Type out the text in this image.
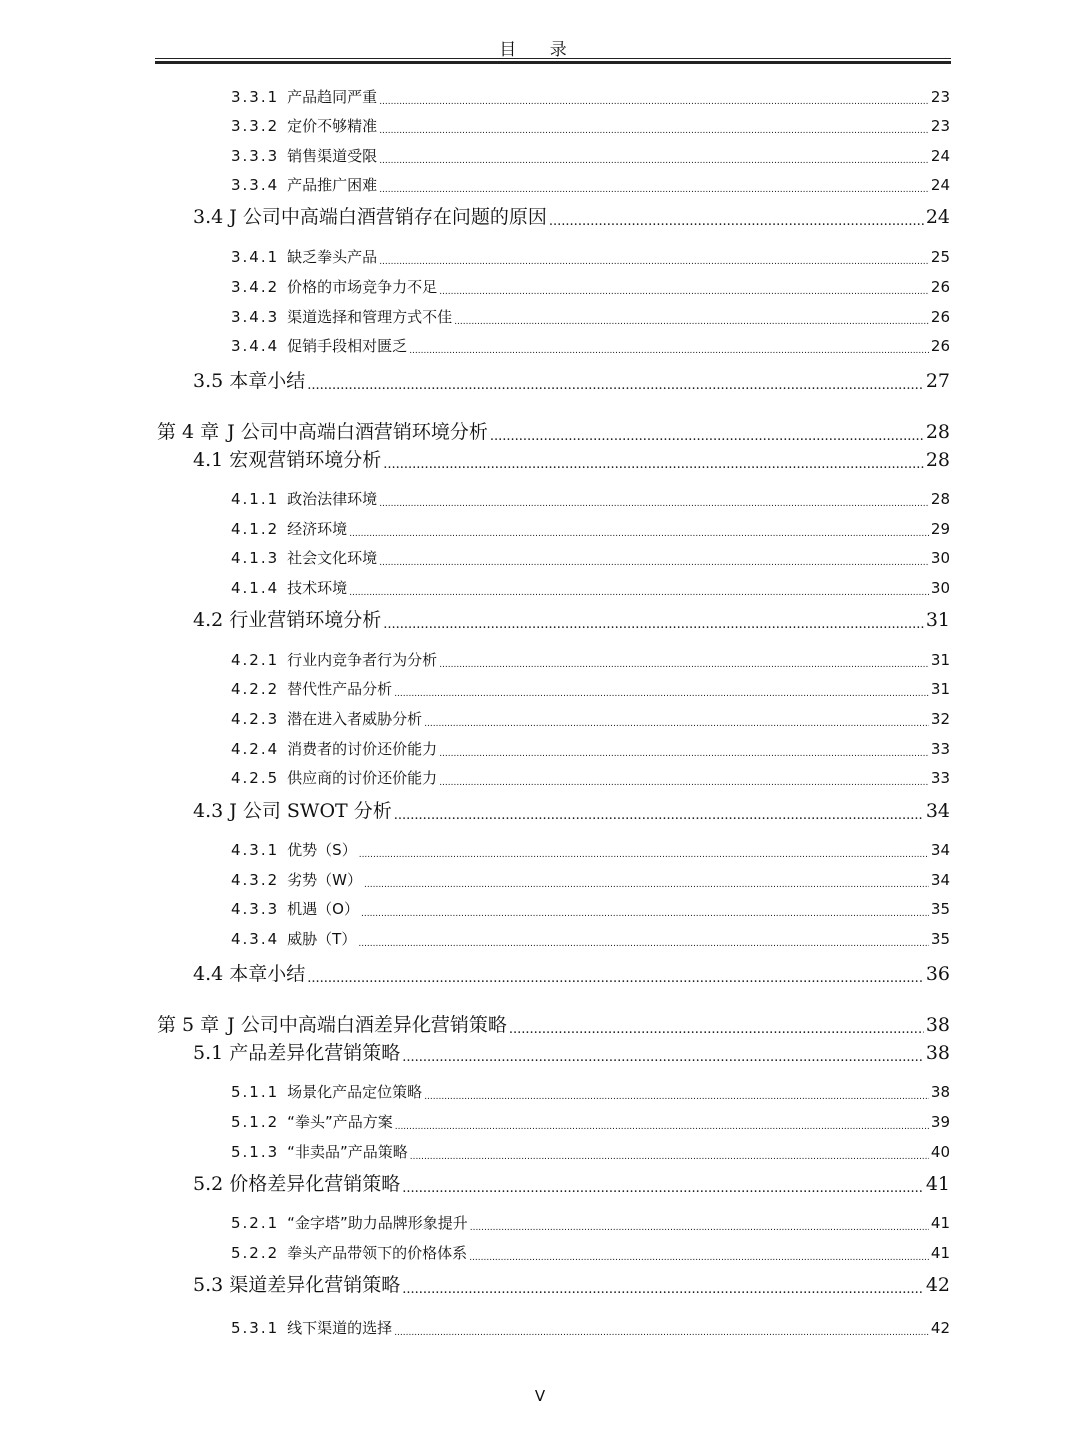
目 录
3.3.1 产品趋同严重 .....	23
3.3.2 定价不够精准 .....	23
3.3.3 销售渠道受限 .....	24
3.3.4 产品推广困难 .....	24
3.4 J 公司中高端白酒营销存在问题的原因 .....	24
3.4.1 缺乏拳头产品 .....	25
3.4.2 价格的市场竞争力不足 .....	26
3.4.3 渠道选择和管理方式不佳 .....	26
3.4.4 促销手段相对匮乏 .....	26
3.5 本章小结 .....	27
第 4 章 J 公司中高端白酒营销环境分析 .....	28
4.1 宏观营销环境分析 .....	28
4.1.1 政治法律环境 .....	28
4.1.2 经济环境 .....	29
4.1.3 社会文化环境 .....	30
4.1.4 技术环境 .....	30
4.2 行业营销环境分析 .....	31
4.2.1 行业内竞争者行为分析 .....	31
4.2.2 替代性产品分析 .....	31
4.2.3 潜在进入者威胁分析 .....	32
4.2.4 消费者的讨价还价能力 .....	33
4.2.5 供应商的讨价还价能力 .....	33
4.3 J 公司 SWOT 分析 .....	34
4.3.1 优势（S） .....	34
4.3.2 劣势（W） .....	34
4.3.3 机遇（O） .....	35
4.3.4 威胁（T） .....	35
4.4 本章小结 .....	36
第 5 章 J 公司中高端白酒差异化营销策略 .....	38
5.1 产品差异化营销策略 .....	38
5.1.1 场景化产品定位策略 .....	38
5.1.2 “拳头”产品方案 .....	39
5.1.3 “非卖品”产品策略 .....	40
5.2 价格差异化营销策略 .....	41
5.2.1 “金字塔”助力品牌形象提升 .....	41
5.2.2 拳头产品带领下的价格体系 .....	41
5.3 渠道差异化营销策略 .....	42
5.3.1 线下渠道的选择 .....	42
V
